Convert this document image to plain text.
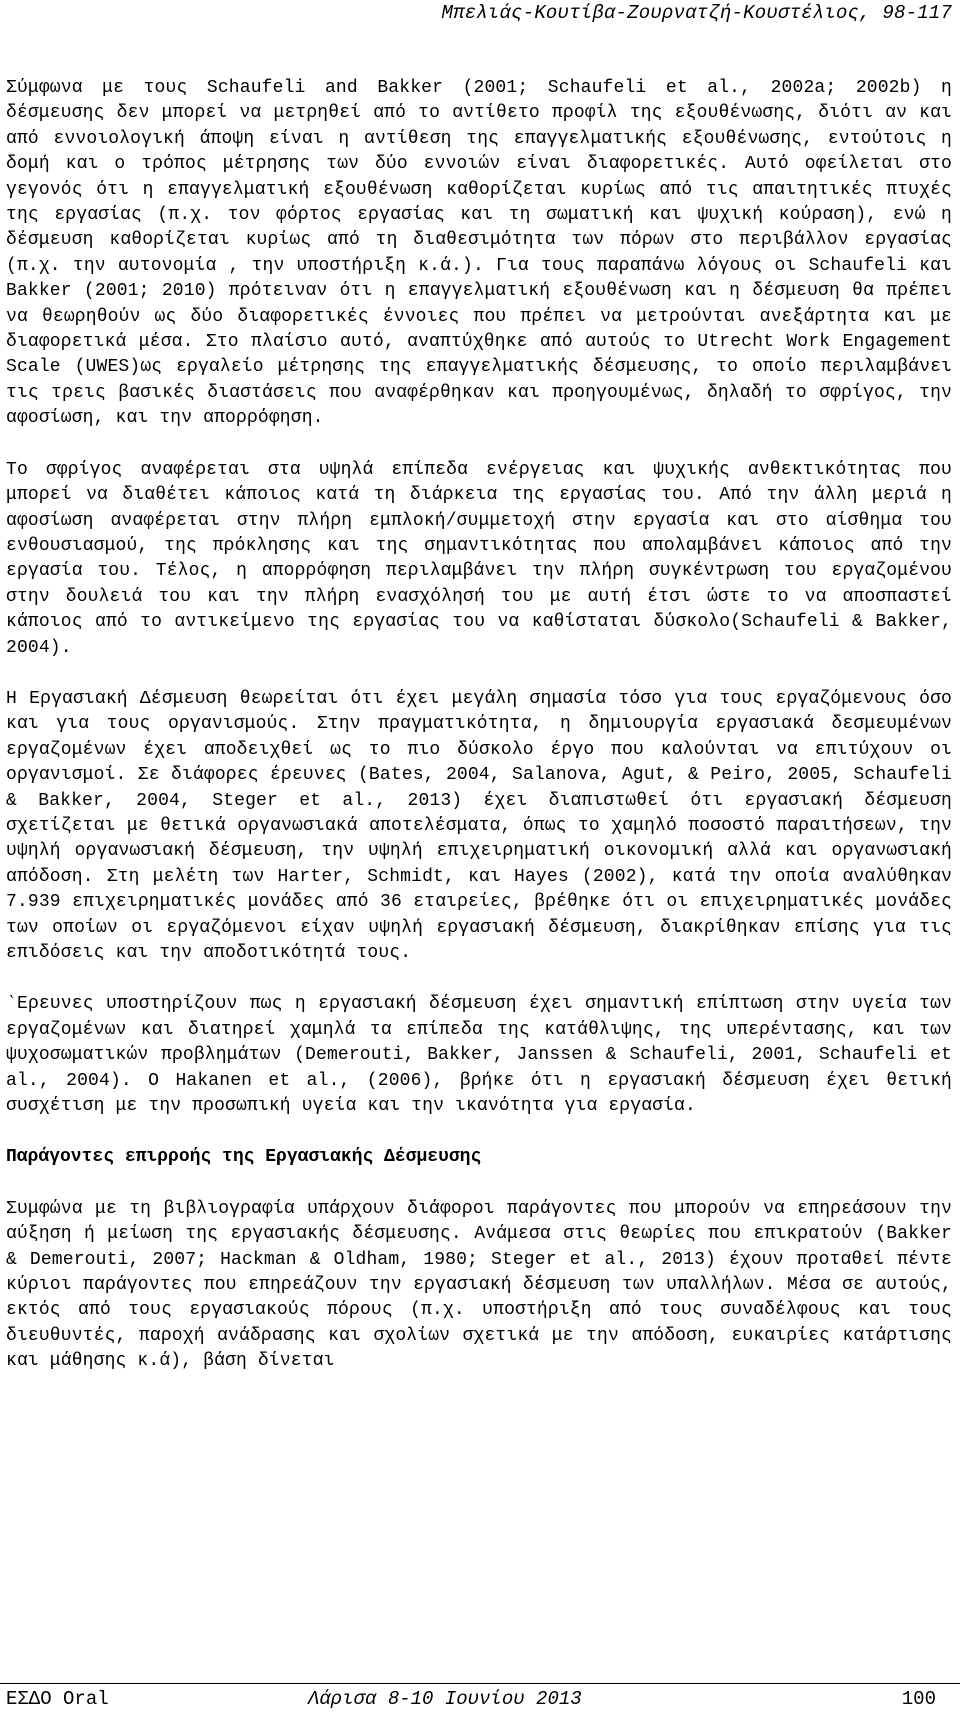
Μπελιάς-Κουτίβα-Ζουρνατζή-Κουστέλιος, 98-117

Σύμφωνα με τους Schaufeli and Bakker (2001; Schaufeli et al., 2002a; 2002b) η δέσμευσης δεν μπορεί να μετρηθεί από το αντίθετο προφίλ της εξουθένωσης, διότι αν και από εννοιολογική άποψη είναι η αντίθεση της επαγγελματικής εξουθένωσης, εντούτοις η δομή και ο τρόπος μέτρησης των δύο εννοιών είναι διαφορετικές. Αυτό οφείλεται στο γεγονός ότι η επαγγελματική εξουθένωση καθορίζεται κυρίως από τις απαιτητικές πτυχές της εργασίας (π.χ. τον φόρτος εργασίας και τη σωματική και ψυχική κούραση), ενώ η δέσμευση καθορίζεται κυρίως από τη διαθεσιμότητα των πόρων στο περιβάλλον εργασίας (π.χ. την αυτονομία , την υποστήριξη κ.ά.). Για τους παραπάνω λόγους οι Schaufeli και Bakker (2001; 2010) πρότειναν ότι η επαγγελματική εξουθένωση και η δέσμευση θα πρέπει να θεωρηθούν ως δύο διαφορετικές έννοιες που πρέπει να μετρούνται ανεξάρτητα και με διαφορετικά μέσα. Στο πλαίσιο αυτό, αναπτύχθηκε από αυτούς το Utrecht Work Engagement Scale (UWES)ως εργαλείο μέτρησης της επαγγελματικής δέσμευσης, το οποίο περιλαμβάνει τις τρεις βασικές διαστάσεις που αναφέρθηκαν και προηγουμένως, δηλαδή το σφρίγος, την αφοσίωση, και την απορρόφηση.

Το σφρίγος αναφέρεται στα υψηλά επίπεδα ενέργειας και ψυχικής ανθεκτικότητας που μπορεί να διαθέτει κάποιος κατά τη διάρκεια της εργασίας του. Από την άλλη μεριά η αφοσίωση αναφέρεται στην πλήρη εμπλοκή/συμμετοχή στην εργασία και στο αίσθημα του ενθουσιασμού, της πρόκλησης και της σημαντικότητας που απολαμβάνει κάποιος από την εργασία του. Τέλος, η απορρόφηση περιλαμβάνει την πλήρη συγκέντρωση του εργαζομένου στην δουλειά του και την πλήρη ενασχόλησή του με αυτή έτσι ώστε το να αποσπαστεί κάποιος από το αντικείμενο της εργασίας του να καθίσταται δύσκολο(Schaufeli & Bakker, 2004).

Η Εργασιακή Δέσμευση θεωρείται ότι έχει μεγάλη σημασία τόσο για τους εργαζόμενους όσο και για τους οργανισμούς. Στην πραγματικότητα, η δημιουργία εργασιακά δεσμευμένων εργαζομένων έχει αποδειχθεί ως το πιο δύσκολο έργο που καλούνται να επιτύχουν οι οργανισμοί. Σε διάφορες έρευνες (Bates, 2004, Salanova, Agut, & Peiro, 2005, Schaufeli & Bakker, 2004, Steger et al., 2013) έχει διαπιστωθεί ότι εργασιακή δέσμευση σχετίζεται με θετικά οργανωσιακά αποτελέσματα, όπως το χαμηλό ποσοστό παραιτήσεων, την υψηλή οργανωσιακή δέσμευση, την υψηλή επιχειρηματική οικονομική αλλά και οργανωσιακή απόδοση. Στη μελέτη των Harter, Schmidt, και Hayes (2002), κατά την οποία αναλύθηκαν 7.939 επιχειρηματικές μονάδες από 36 εταιρείες, βρέθηκε ότι οι επιχειρηματικές μονάδες των οποίων οι εργαζόμενοι είχαν υψηλή εργασιακή δέσμευση, διακρίθηκαν επίσης για τις επιδόσεις και την αποδοτικότητά τους.

‵Ερευνες υποστηρίζουν πως η εργασιακή δέσμευση έχει σημαντική επίπτωση στην υγεία των εργαζομένων και διατηρεί χαμηλά τα επίπεδα της κατάθλιψης, της υπερέντασης, και των ψυχοσωματικών προβλημάτων (Demerouti, Bakker, Janssen & Schaufeli, 2001, Schaufeli et al., 2004). Ο Hakanen et al., (2006), βρήκε ότι η εργασιακή δέσμευση έχει θετική συσχέτιση με την προσωπική υγεία και την ικανότητα για εργασία.

Παράγοντες επιρροής της Εργασιακής Δέσμευσης

Συμφώνα με τη βιβλιογραφία υπάρχουν διάφοροι παράγοντες που μπορούν να επηρεάσουν την αύξηση ή μείωση της εργασιακής δέσμευσης. Ανάμεσα στις θεωρίες που επικρατούν (Bakker & Demerouti, 2007; Hackman & Oldham, 1980; Steger et al., 2013) έχουν προταθεί πέντε κύριοι παράγοντες που επηρεάζουν την εργασιακή δέσμευση των υπαλλήλων. Μέσα σε αυτούς, εκτός από τους εργασιακούς πόρους (π.χ. υποστήριξη από τους συναδέλφους και τους διευθυντές, παροχή ανάδρασης και σχολίων σχετικά με την απόδοση, ευκαιρίες κατάρτισης και μάθησης κ.ά), βάση δίνεται

ΕΣΔΟ Oral	Λάρισα 8-10 Ιουνίου 2013	100
